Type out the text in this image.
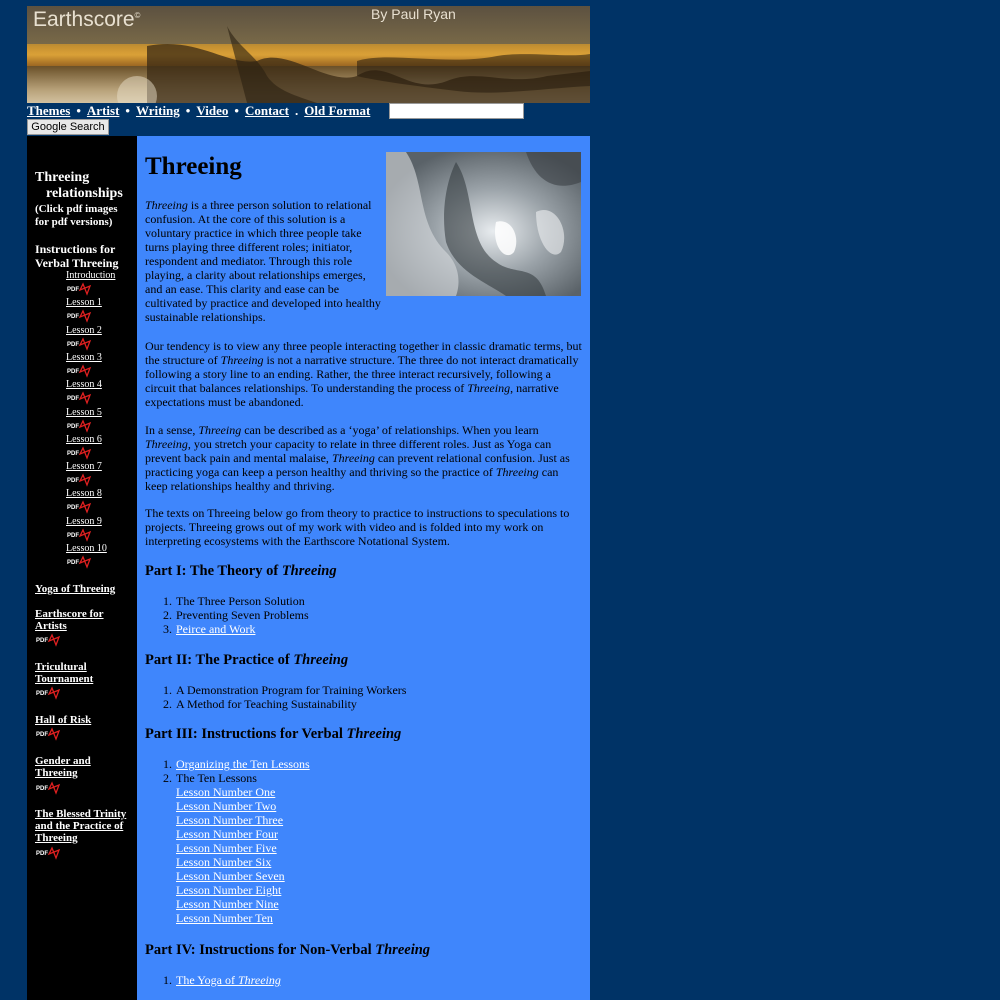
Earthscore©	By Paul Ryan
Themes • Artist • Writing • Video • Contact . Old Format
Google Search
Threeing
relationships
(Click pdf images for pdf versions)
Instructions for Verbal Threeing
Introduction
PDF
Lesson 1
PDF
Lesson 2
PDF
Lesson 3
PDF
Lesson 4
PDF
Lesson 5
PDF
Lesson 6
PDF
Lesson 7
PDF
Lesson 8
PDF
Lesson 9
PDF
Lesson 10
PDF
Yoga of Threeing
Earthscore for Artists
PDF
Tricultural Tournament
PDF
Hall of Risk
PDF
Gender and Threeing
PDF
The Blessed Trinity and the Practice of Threeing
PDF
Threeing

Threeing is a three person solution to relational confusion. At the core of this solution is a voluntary practice in which three people take turns playing three different roles; initiator, respondent and mediator. Through this role playing, a clarity about relationships emerges, and an ease. This clarity and ease can be cultivated by practice and developed into healthy sustainable relationships.

Our tendency is to view any three people interacting together in classic dramatic terms, but the structure of Threeing is not a narrative structure. The three do not interact dramatically following a story line to an ending. Rather, the three interact recursively, following a circuit that balances relationships. To understanding the process of Threeing, narrative expectations must be abandoned.

In a sense, Threeing can be described as a ‘yoga’ of relationships. When you learn Threeing, you stretch your capacity to relate in three different roles. Just as Yoga can prevent back pain and mental malaise, Threeing can prevent relational confusion. Just as practicing yoga can keep a person healthy and thriving so the practice of Threeing can keep relationships healthy and thriving.

The texts on Threeing below go from theory to practice to instructions to speculations to projects. Threeing grows out of my work with video and is folded into my work on interpreting ecosystems with the Earthscore Notational System.

Part I: The Theory of Threeing
1. The Three Person Solution
2. Preventing Seven Problems
3. Peirce and Work
Part II: The Practice of Threeing
1. A Demonstration Program for Training Workers
2. A Method for Teaching Sustainability
Part III: Instructions for Verbal Threeing
1. Organizing the Ten Lessons
2. The Ten Lessons
Lesson Number One
Lesson Number Two
Lesson Number Three
Lesson Number Four
Lesson Number Five
Lesson Number Six
Lesson Number Seven
Lesson Number Eight
Lesson Number Nine
Lesson Number Ten
Part IV: Instructions for Non-Verbal Threeing
1. The Yoga of Threeing
